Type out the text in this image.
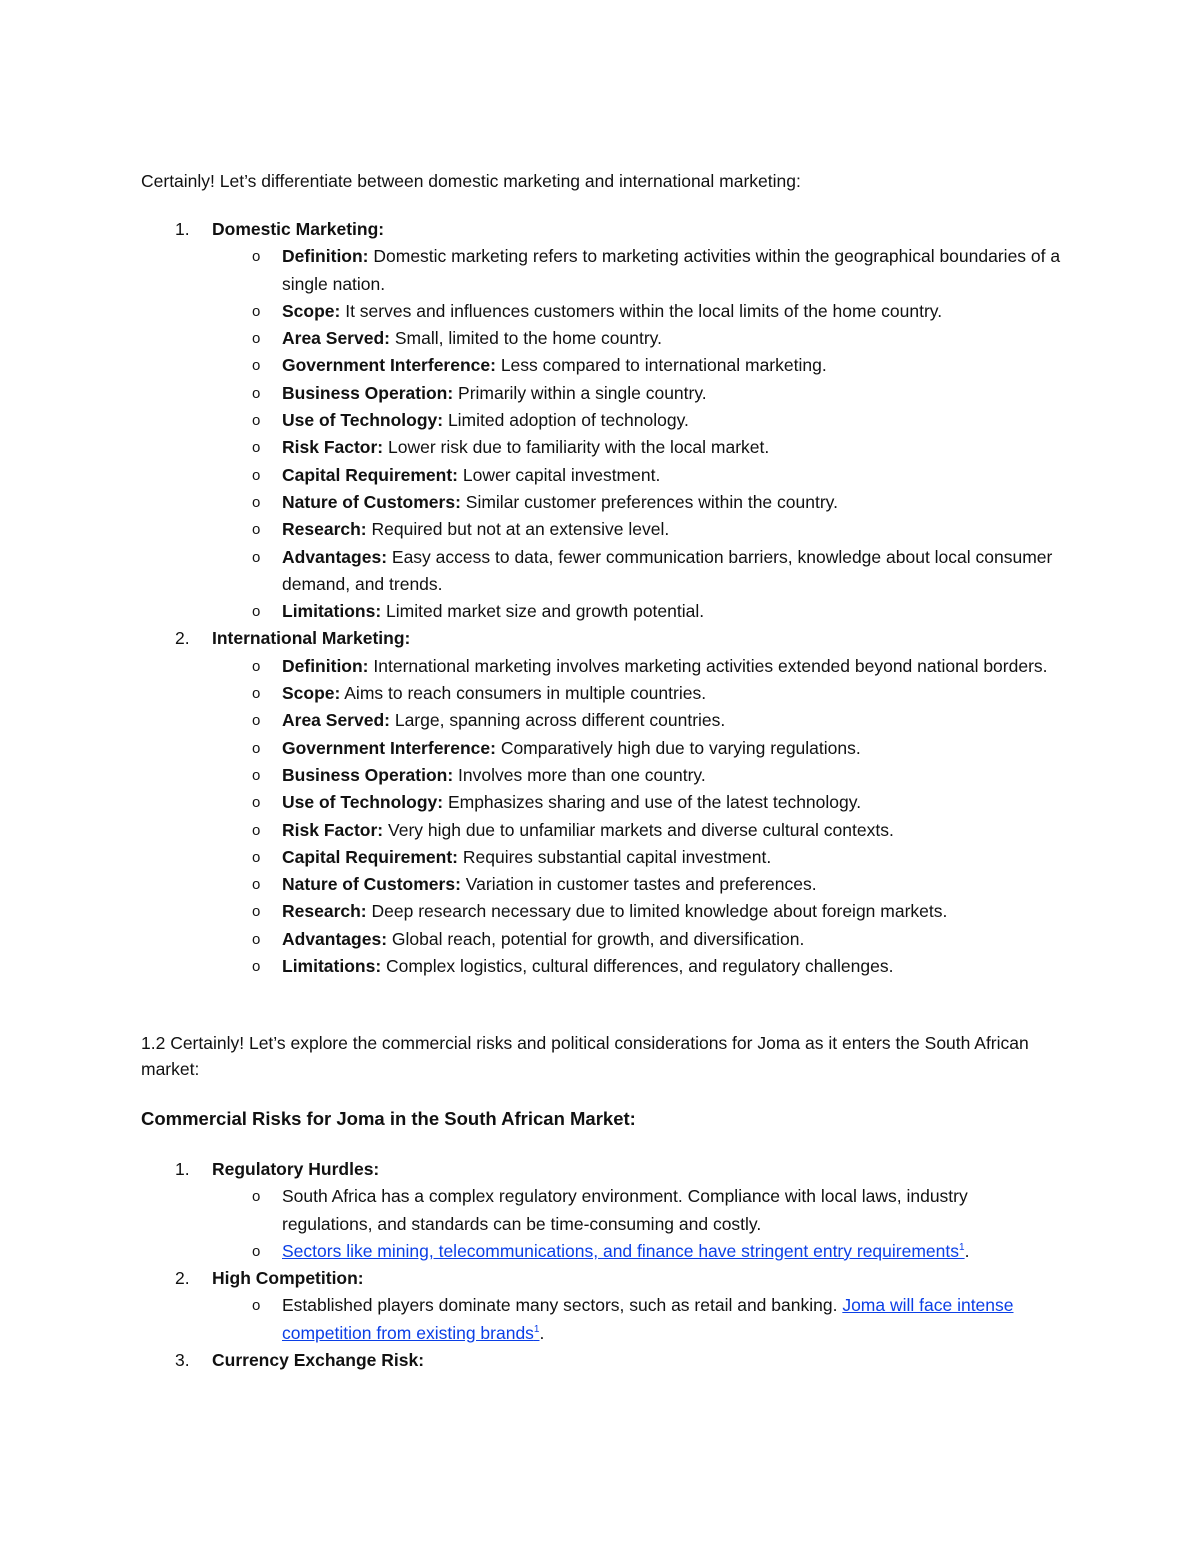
Certainly! Let’s differentiate between domestic marketing and international marketing:

1. Domestic Marketing:
o Definition: Domestic marketing refers to marketing activities within the geographical boundaries of a single nation.
o Scope: It serves and influences customers within the local limits of the home country.
o Area Served: Small, limited to the home country.
o Government Interference: Less compared to international marketing.
o Business Operation: Primarily within a single country.
o Use of Technology: Limited adoption of technology.
o Risk Factor: Lower risk due to familiarity with the local market.
o Capital Requirement: Lower capital investment.
o Nature of Customers: Similar customer preferences within the country.
o Research: Required but not at an extensive level.
o Advantages: Easy access to data, fewer communication barriers, knowledge about local consumer demand, and trends.
o Limitations: Limited market size and growth potential.
2. International Marketing:
o Definition: International marketing involves marketing activities extended beyond national borders.
o Scope: Aims to reach consumers in multiple countries.
o Area Served: Large, spanning across different countries.
o Government Interference: Comparatively high due to varying regulations.
o Business Operation: Involves more than one country.
o Use of Technology: Emphasizes sharing and use of the latest technology.
o Risk Factor: Very high due to unfamiliar markets and diverse cultural contexts.
o Capital Requirement: Requires substantial capital investment.
o Nature of Customers: Variation in customer tastes and preferences.
o Research: Deep research necessary due to limited knowledge about foreign markets.
o Advantages: Global reach, potential for growth, and diversification.
o Limitations: Complex logistics, cultural differences, and regulatory challenges.

1.2 Certainly! Let’s explore the commercial risks and political considerations for Joma as it enters the South African market:

Commercial Risks for Joma in the South African Market:

1. Regulatory Hurdles:
o South Africa has a complex regulatory environment. Compliance with local laws, industry regulations, and standards can be time-consuming and costly.
o Sectors like mining, telecommunications, and finance have stringent entry requirements$^1$.
2. High Competition:
o Established players dominate many sectors, such as retail and banking. Joma will face intense competition from existing brands$^1$.
3. Currency Exchange Risk:
